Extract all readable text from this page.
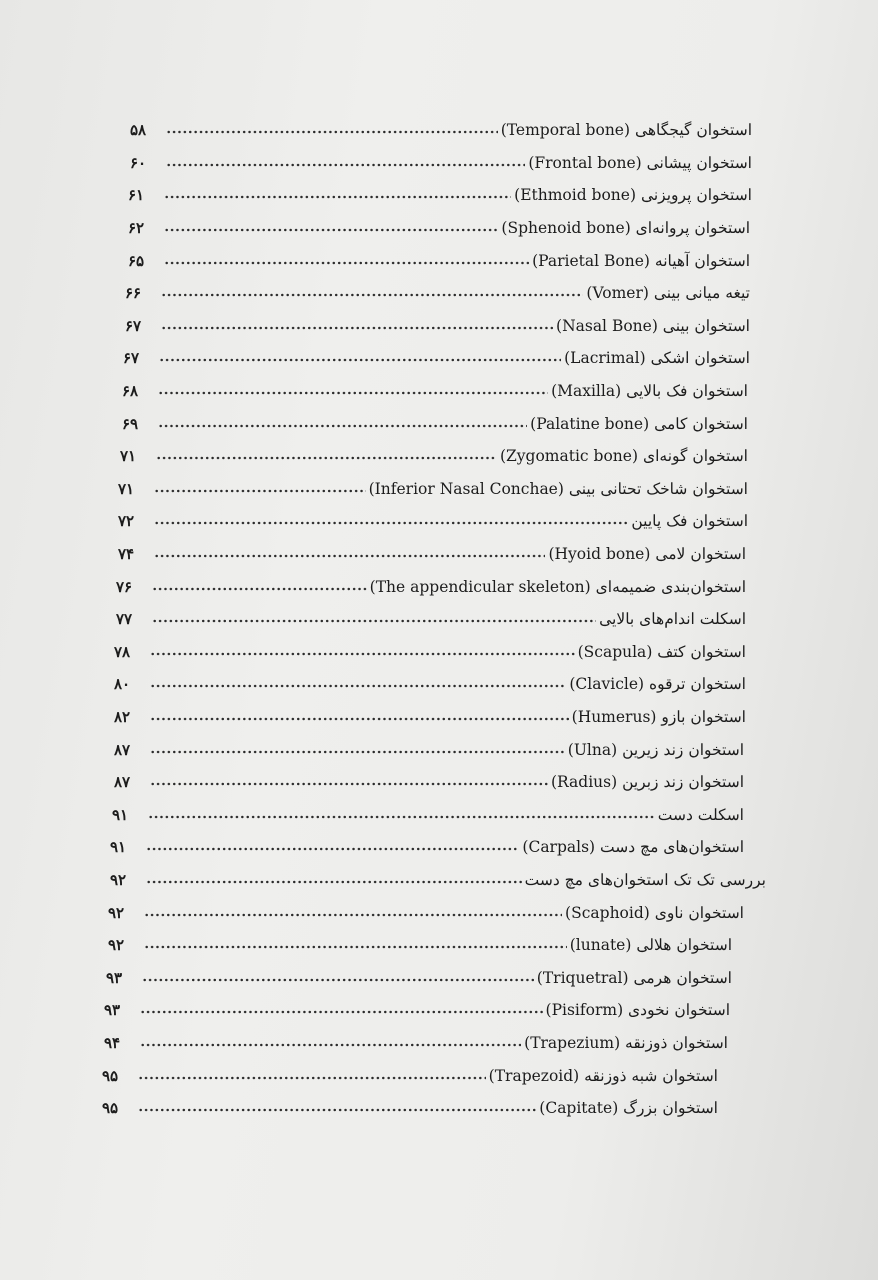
استخوان گیجگاهی (Temporal bone)
۵۸
استخوان پیشانی (Frontal bone)
۶۰
استخوان پرویزنی (Ethmoid bone)
۶۱
استخوان پروانه‌ای (Sphenoid bone)
۶۲
استخوان آهیانه (Parietal Bone)
۶۵
تیغه میانی بینی (Vomer)
۶۶
استخوان بینی (Nasal Bone)
۶۷
استخوان اشکی (Lacrimal)
۶۷
استخوان فک بالایی (Maxilla)
۶۸
استخوان کامی (Palatine bone)
۶۹
استخوان گونه‌ای (Zygomatic bone)
۷۱
استخوان شاخک تحتانی بینی (Inferior Nasal Conchae)
۷۱
استخوان فک پایین
۷۲
استخوان لامی (Hyoid bone)
۷۴
استخوان‌بندی ضمیمه‌ای (The appendicular skeleton)
۷۶
اسکلت اندام‌های بالایی
۷۷
استخوان کتف (Scapula)
۷۸
استخوان ترقوه (Clavicle)
۸۰
استخوان بازو (Humerus)
۸۲
استخوان زند زیرین (Ulna)
۸۷
استخوان زند زبرین (Radius)
۸۷
اسکلت دست
۹۱
استخوان‌های مچ دست (Carpals)
۹۱
بررسی تک تک استخوان‌های مچ دست
۹۲
استخوان ناوی (Scaphoid)
۹۲
استخوان هلالی (lunate)
۹۲
استخوان هرمی (Triquetral)
۹۳
استخوان نخودی (Pisiform)
۹۳
استخوان ذوزنقه (Trapezium)
۹۴
استخوان شبه ذوزنقه (Trapezoid)
۹۵
استخوان بزرگ (Capitate)
۹۵
